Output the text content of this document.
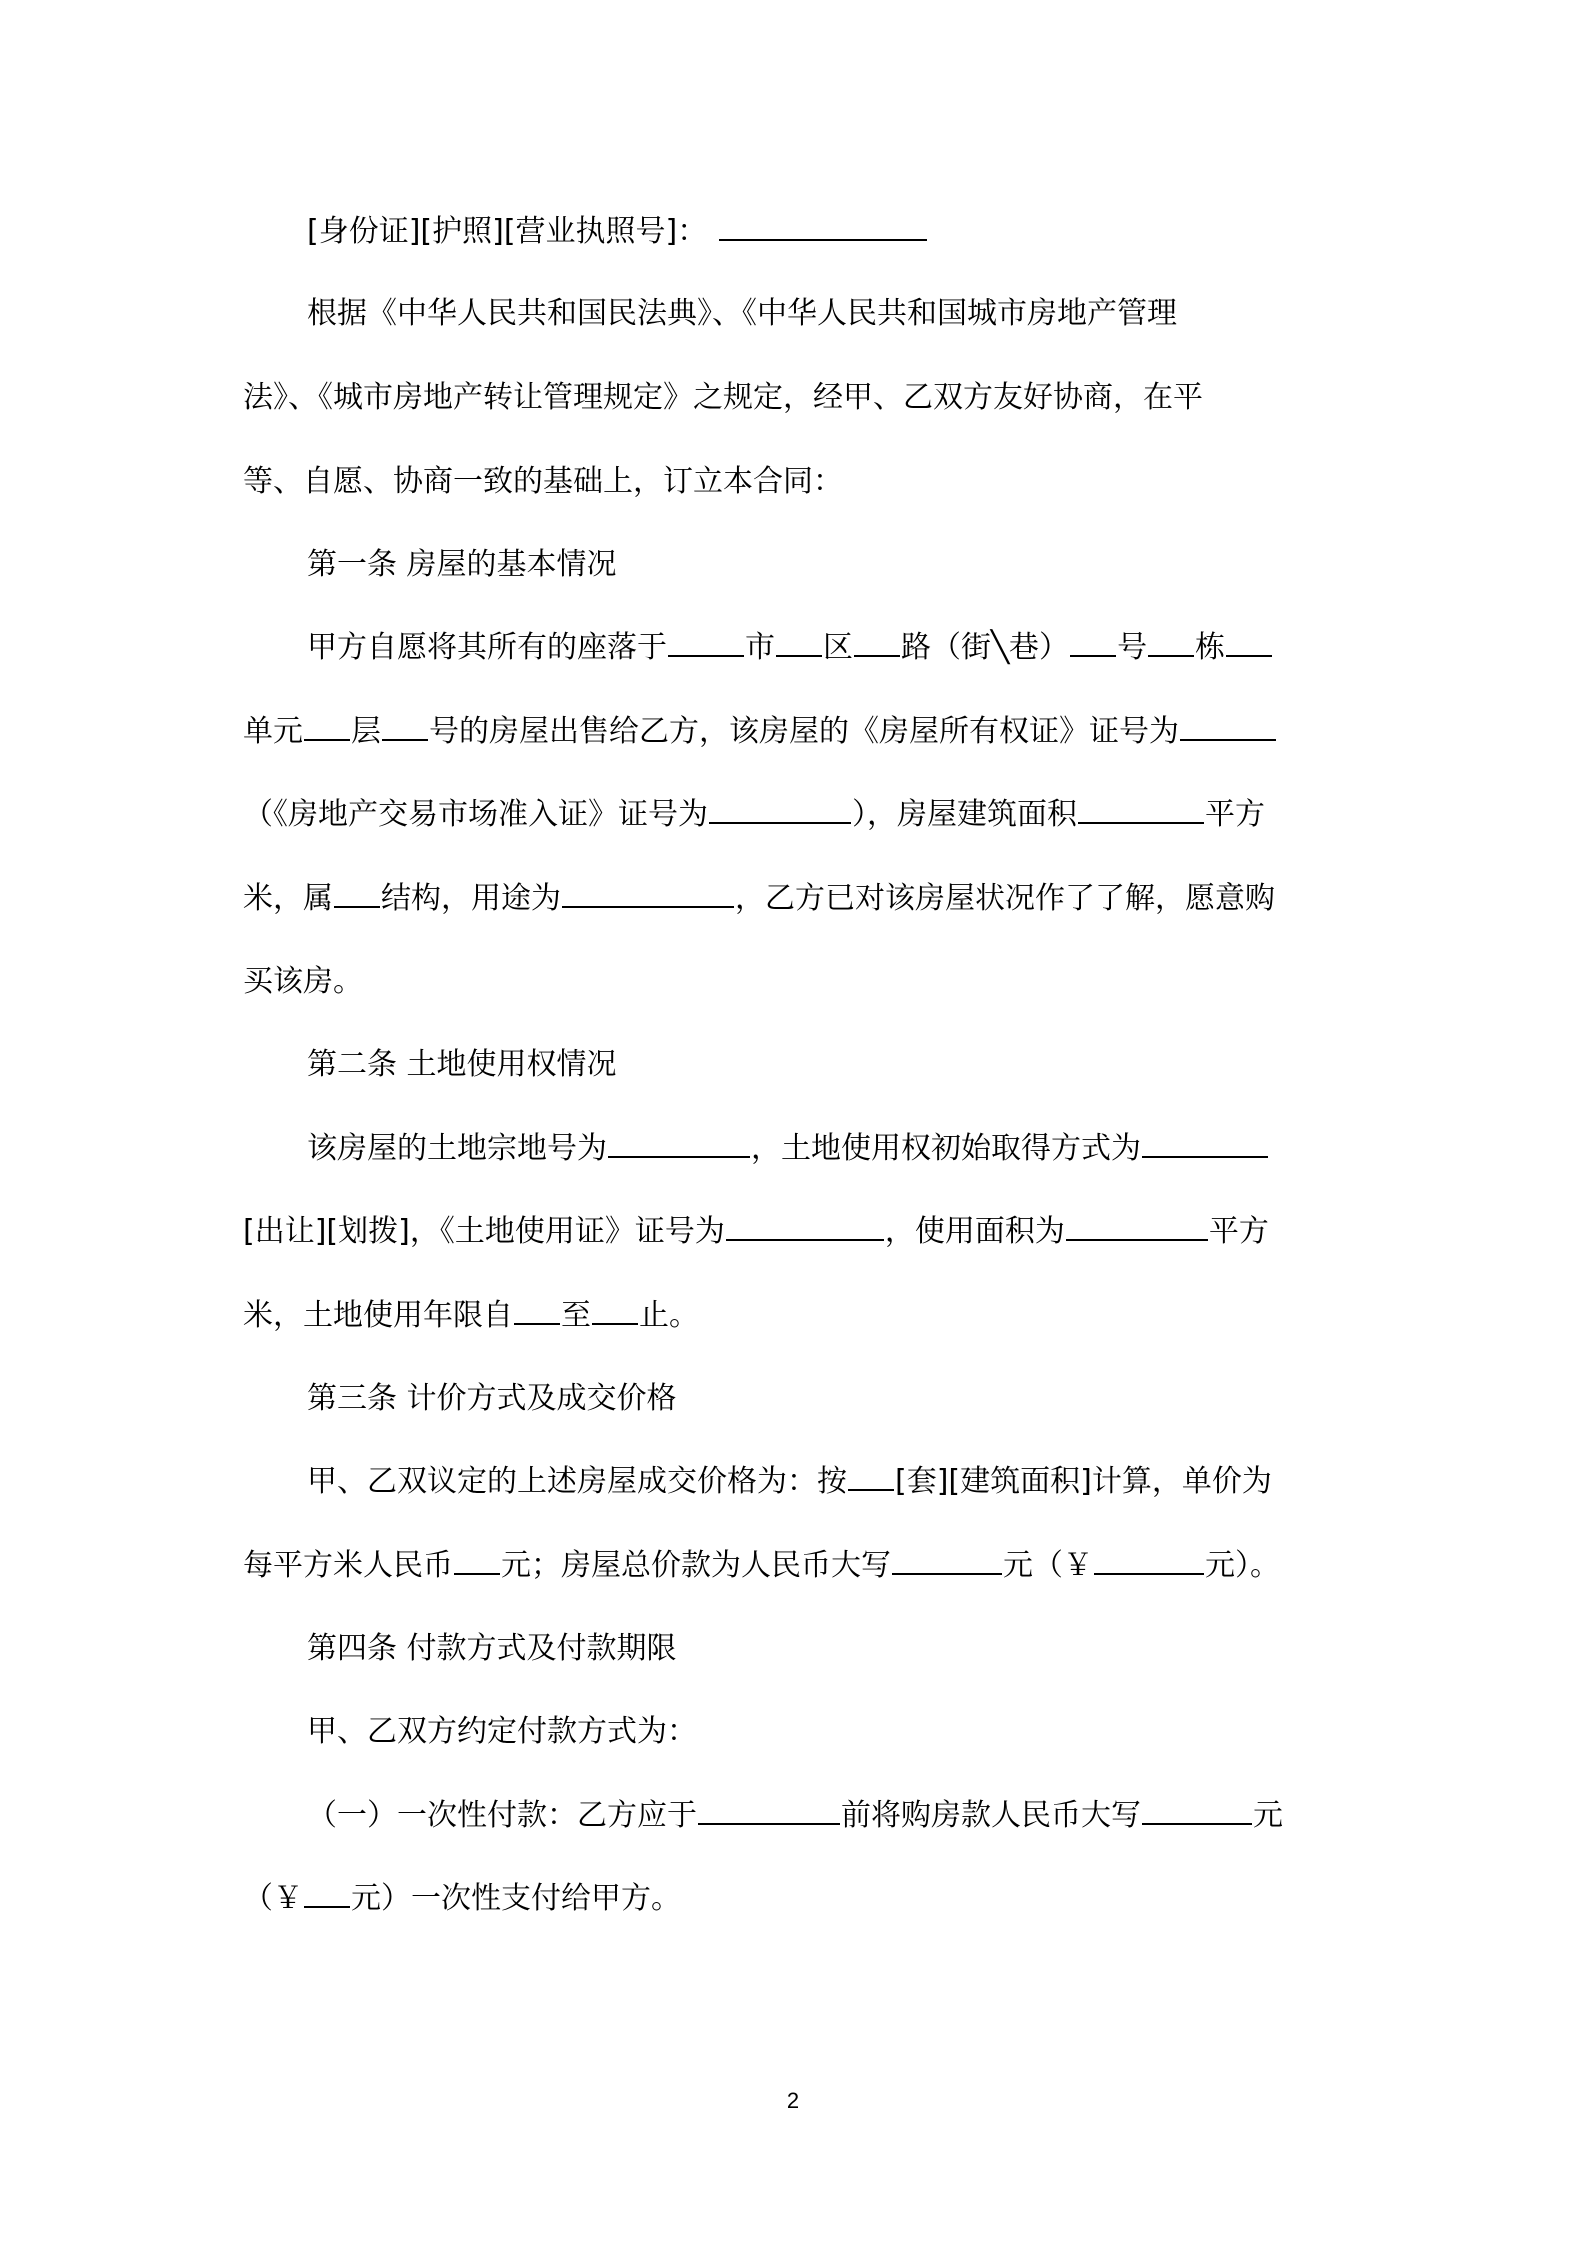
[身份证][护照][营业执照号]：
根据《中华人民共和国民法典》、《中华人民共和国城市房地产管理
法》、《城市房地产转让管理规定》之规定，经甲、乙双方友好协商，在平
等、自愿、协商一致的基础上，订立本合同：
第一条 房屋的基本情况
甲方自愿将其所有的座落于	市 区 路（街╲巷） 号 栋
单元 层 号的房屋出售给乙方，该房屋的《房屋所有权证》证号为
（《房地产交易市场准入证》证号为	），房屋建筑面积	平方
米，属 结构，用途为	，乙方已对该房屋状况作了了解，愿意购
买该房。
第二条 土地使用权情况
该房屋的土地宗地号为	，土地使用权初始取得方式为
[出让][划拨]，《土地使用证》证号为	，使用面积为	平方
米，土地使用年限自 至 止。
第三条 计价方式及成交价格
甲、乙双议定的上述房屋成交价格为：按 [套][建筑面积]计算，单价为
每平方米人民币 元；房屋总价款为人民币大写	元（￥	元）。
第四条 付款方式及付款期限
甲、乙双方约定付款方式为：
（一）一次性付款：乙方应于	前将购房款人民币大写	元
（￥ 元）一次性支付给甲方。
2
